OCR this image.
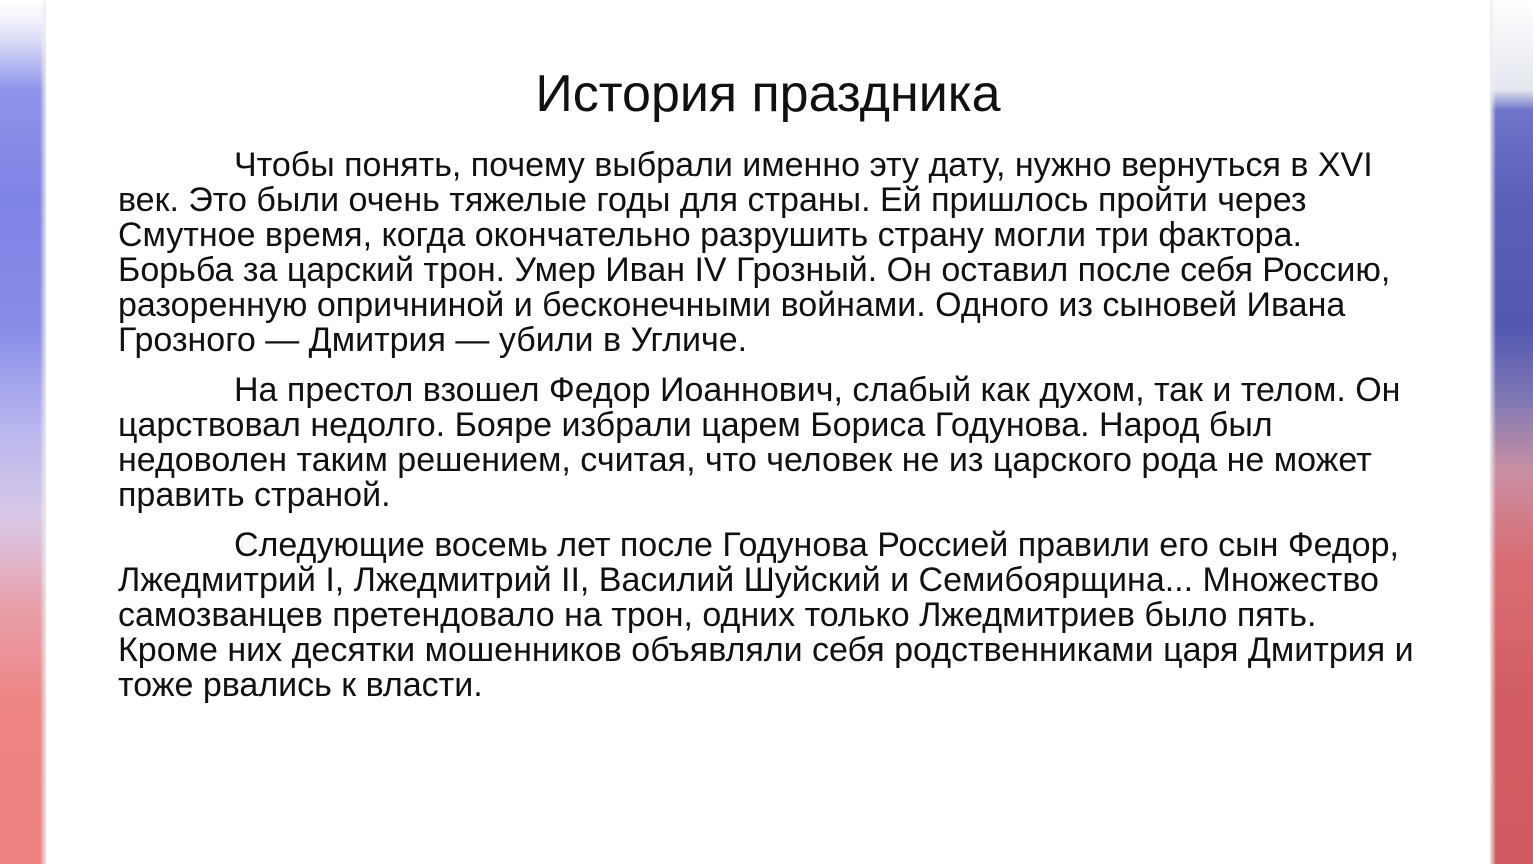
История праздника

Чтобы понять, почему выбрали именно эту дату, нужно вернуться в XVI век. Это были очень тяжелые годы для страны. Ей пришлось пройти через Смутное время, когда окончательно разрушить страну могли три фактора. Борьба за царский трон. Умер Иван IV Грозный. Он оставил после себя Россию, разоренную опричниной и бесконечными войнами. Одного из сыновей Ивана Грозного — Дмитрия — убили в Угличе.

На престол взошел Федор Иоаннович, слабый как духом, так и телом. Он царствовал недолго. Бояре избрали царем Бориса Годунова. Народ был недоволен таким решением, считая, что человек не из царского рода не может править страной.

Следующие восемь лет после Годунова Россией правили его сын Федор, Лжедмитрий I, Лжедмитрий II, Василий Шуйский и Семибоярщина... Множество самозванцев претендовало на трон, одних только Лжедмитриев было пять. Кроме них десятки мошенников объявляли себя родственниками царя Дмитрия и тоже рвались к власти.
